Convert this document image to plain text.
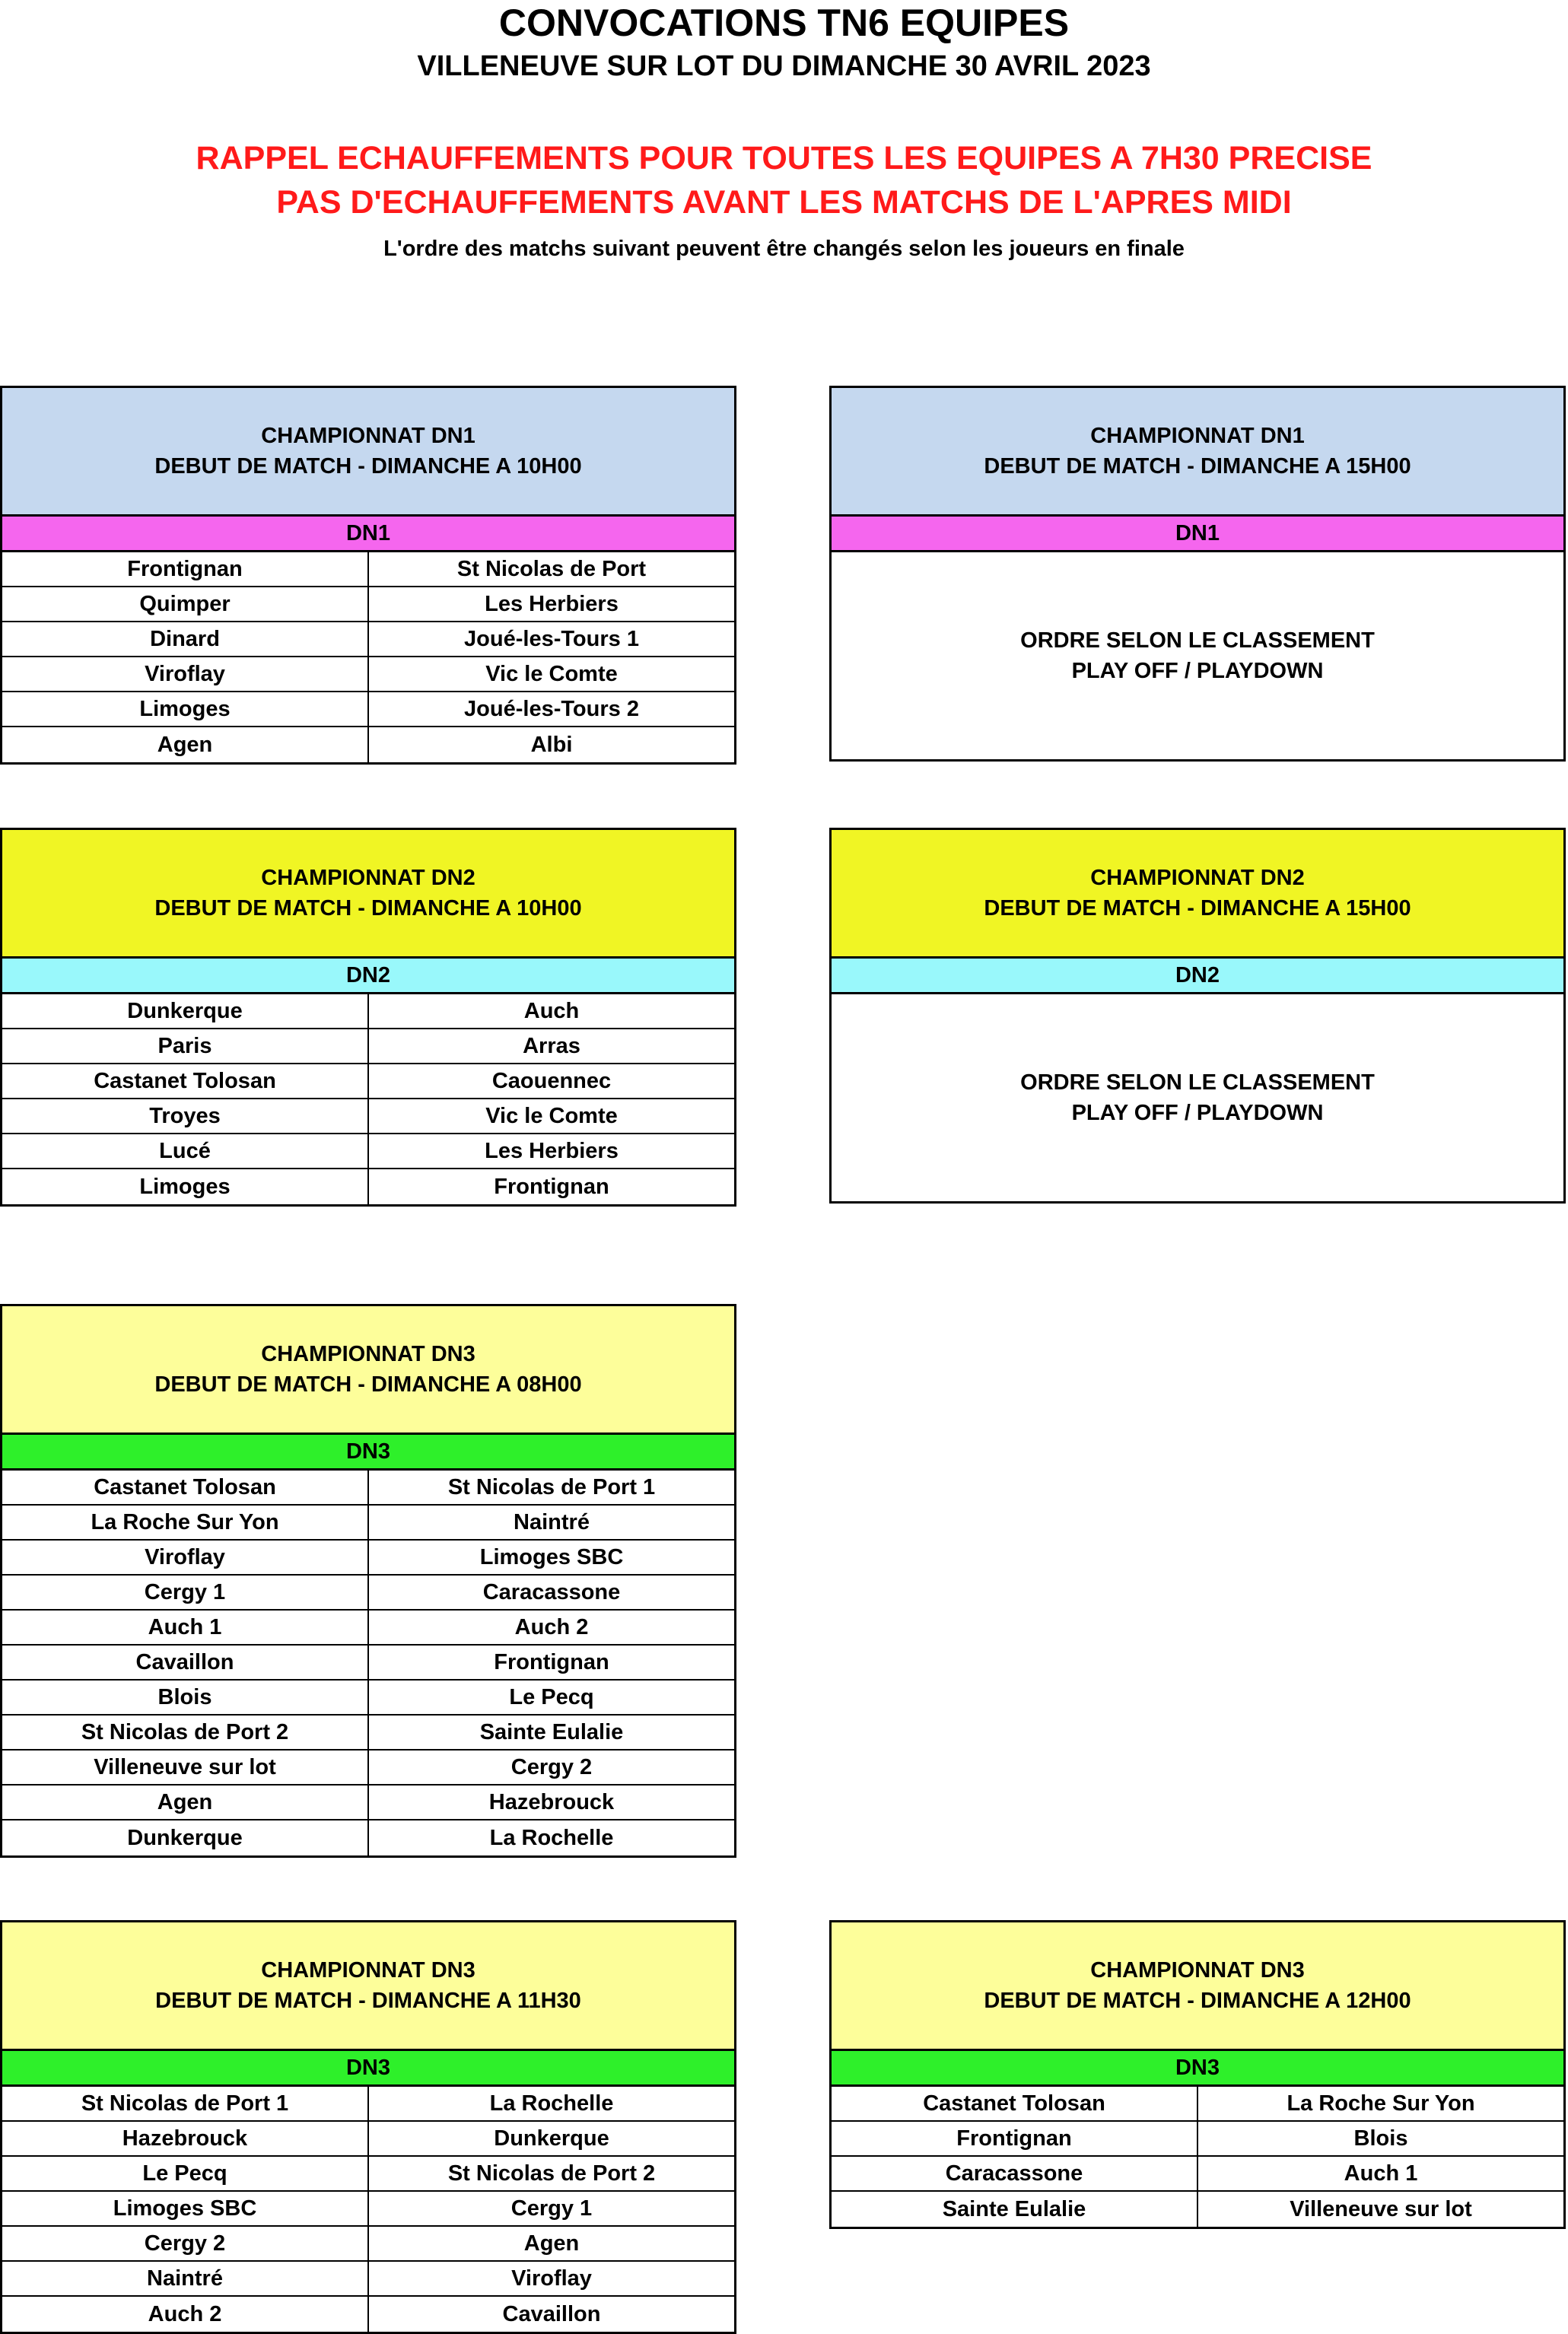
CONVOCATIONS TN6 EQUIPES
VILLENEUVE SUR LOT DU DIMANCHE 30 AVRIL 2023
RAPPEL ECHAUFFEMENTS POUR TOUTES LES EQUIPES A 7H30 PRECISE
PAS D'ECHAUFFEMENTS AVANT LES MATCHS DE L'APRES MIDI
L'ordre des matchs suivant peuvent être changés selon les joueurs en finale
CHAMPIONNAT DN1
DEBUT DE MATCH - DIMANCHE A 10H00
DN1
Frontignan	St Nicolas de Port
Quimper	Les Herbiers
Dinard	Joué-les-Tours 1
Viroflay	Vic le Comte
Limoges	Joué-les-Tours 2
Agen	Albi
CHAMPIONNAT DN1
DEBUT DE MATCH - DIMANCHE A 15H00
DN1
ORDRE SELON LE CLASSEMENT
PLAY OFF / PLAYDOWN
CHAMPIONNAT DN2
DEBUT DE MATCH - DIMANCHE A 10H00
DN2
Dunkerque	Auch
Paris	Arras
Castanet Tolosan	Caouennec
Troyes	Vic le Comte
Lucé	Les Herbiers
Limoges	Frontignan
CHAMPIONNAT DN2
DEBUT DE MATCH - DIMANCHE A 15H00
DN2
ORDRE SELON LE CLASSEMENT
PLAY OFF / PLAYDOWN
CHAMPIONNAT DN3
DEBUT DE MATCH - DIMANCHE A 08H00
DN3
Castanet Tolosan	St Nicolas de Port 1
La Roche Sur Yon	Naintré
Viroflay	Limoges SBC
Cergy 1	Caracassone
Auch 1	Auch 2
Cavaillon	Frontignan
Blois	Le Pecq
St Nicolas de Port 2	Sainte Eulalie
Villeneuve sur lot	Cergy 2
Agen	Hazebrouck
Dunkerque	La Rochelle
CHAMPIONNAT DN3
DEBUT DE MATCH - DIMANCHE A 11H30
DN3
St Nicolas de Port 1	La Rochelle
Hazebrouck	Dunkerque
Le Pecq	St Nicolas de Port 2
Limoges SBC	Cergy 1
Cergy 2	Agen
Naintré	Viroflay
Auch 2	Cavaillon
CHAMPIONNAT DN3
DEBUT DE MATCH - DIMANCHE A 12H00
DN3
Castanet Tolosan	La Roche Sur Yon
Frontignan	Blois
Caracassone	Auch 1
Sainte Eulalie	Villeneuve sur lot
